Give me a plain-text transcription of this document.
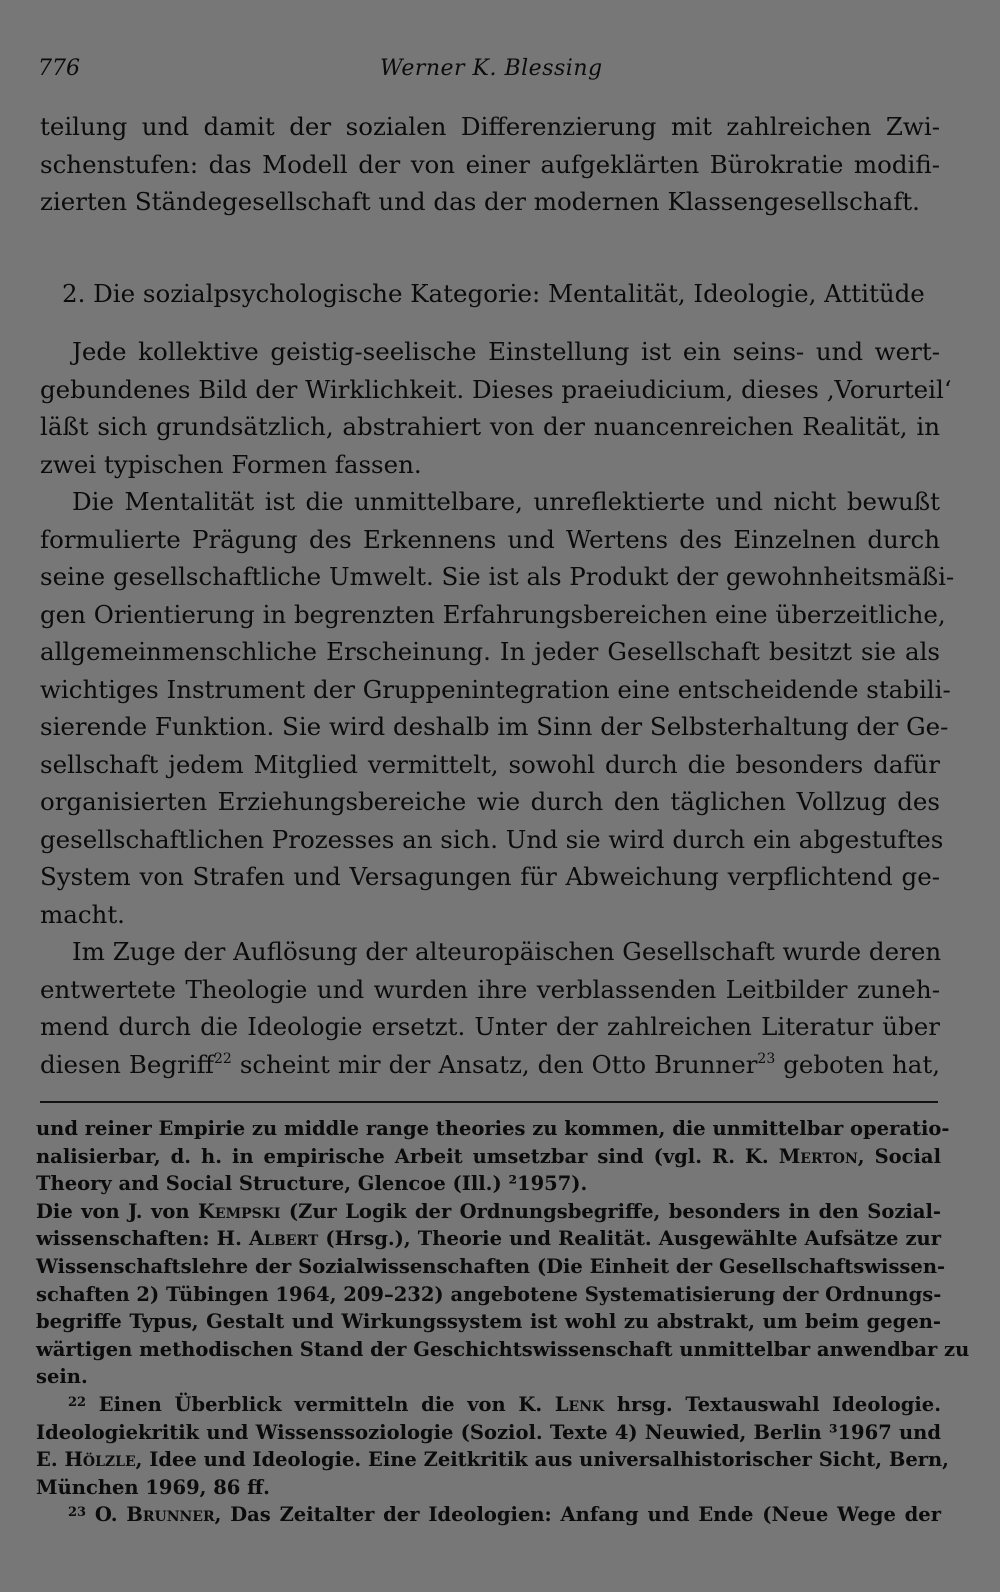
776	Werner K. Blessing
teilung und damit der sozialen Differenzierung mit zahlreichen Zwi-
schenstufen: das Modell der von einer aufgeklärten Bürokratie modifi-
zierten Ständegesellschaft und das der modernen Klassengesellschaft.
2. Die sozialpsychologische Kategorie: Mentalität, Ideologie, Attitüde
Jede kollektive geistig-seelische Einstellung ist ein seins- und wert-
gebundenes Bild der Wirklichkeit. Dieses praeiudicium, dieses ‚Vorurteil‘
läßt sich grundsätzlich, abstrahiert von der nuancenreichen Realität, in
zwei typischen Formen fassen.
Die Mentalität ist die unmittelbare, unreflektierte und nicht bewußt
formulierte Prägung des Erkennens und Wertens des Einzelnen durch
seine gesellschaftliche Umwelt. Sie ist als Produkt der gewohnheitsmäßi-
gen Orientierung in begrenzten Erfahrungsbereichen eine überzeitliche,
allgemeinmenschliche Erscheinung. In jeder Gesellschaft besitzt sie als
wichtiges Instrument der Gruppenintegration eine entscheidende stabili-
sierende Funktion. Sie wird deshalb im Sinn der Selbsterhaltung der Ge-
sellschaft jedem Mitglied vermittelt, sowohl durch die besonders dafür
organisierten Erziehungsbereiche wie durch den täglichen Vollzug des
gesellschaftlichen Prozesses an sich. Und sie wird durch ein abgestuftes
System von Strafen und Versagungen für Abweichung verpflichtend ge-
macht.
Im Zuge der Auflösung der alteuropäischen Gesellschaft wurde deren
entwertete Theologie und wurden ihre verblassenden Leitbilder zuneh-
mend durch die Ideologie ersetzt. Unter der zahlreichen Literatur über
diesen Begriff$^{22}$ scheint mir der Ansatz, den Otto Brunner$^{23}$ geboten hat,
und reiner Empirie zu middle range theories zu kommen, die unmittelbar operatio-
nalisierbar, d. h. in empirische Arbeit umsetzbar sind (vgl. R. K. Merton, Social
Theory and Social Structure, Glencoe (Ill.) ²1957).
Die von J. von Kempski (Zur Logik der Ordnungsbegriffe, besonders in den Sozial-
wissenschaften: H. Albert (Hrsg.), Theorie und Realität. Ausgewählte Aufsätze zur
Wissenschaftslehre der Sozialwissenschaften (Die Einheit der Gesellschaftswissen-
schaften 2) Tübingen 1964, 209–232) angebotene Systematisierung der Ordnungs-
begriffe Typus, Gestalt und Wirkungssystem ist wohl zu abstrakt, um beim gegen-
wärtigen methodischen Stand der Geschichtswissenschaft unmittelbar anwendbar zu
sein.
$^{22}$ Einen Überblick vermitteln die von K. Lenk hrsg. Textauswahl Ideologie.
Ideologiekritik und Wissenssoziologie (Soziol. Texte 4) Neuwied, Berlin ³1967 und
E. Hölzle, Idee und Ideologie. Eine Zeitkritik aus universalhistorischer Sicht, Bern,
München 1969, 86 ff.
$^{23}$ O. Brunner, Das Zeitalter der Ideologien: Anfang und Ende (Neue Wege der
